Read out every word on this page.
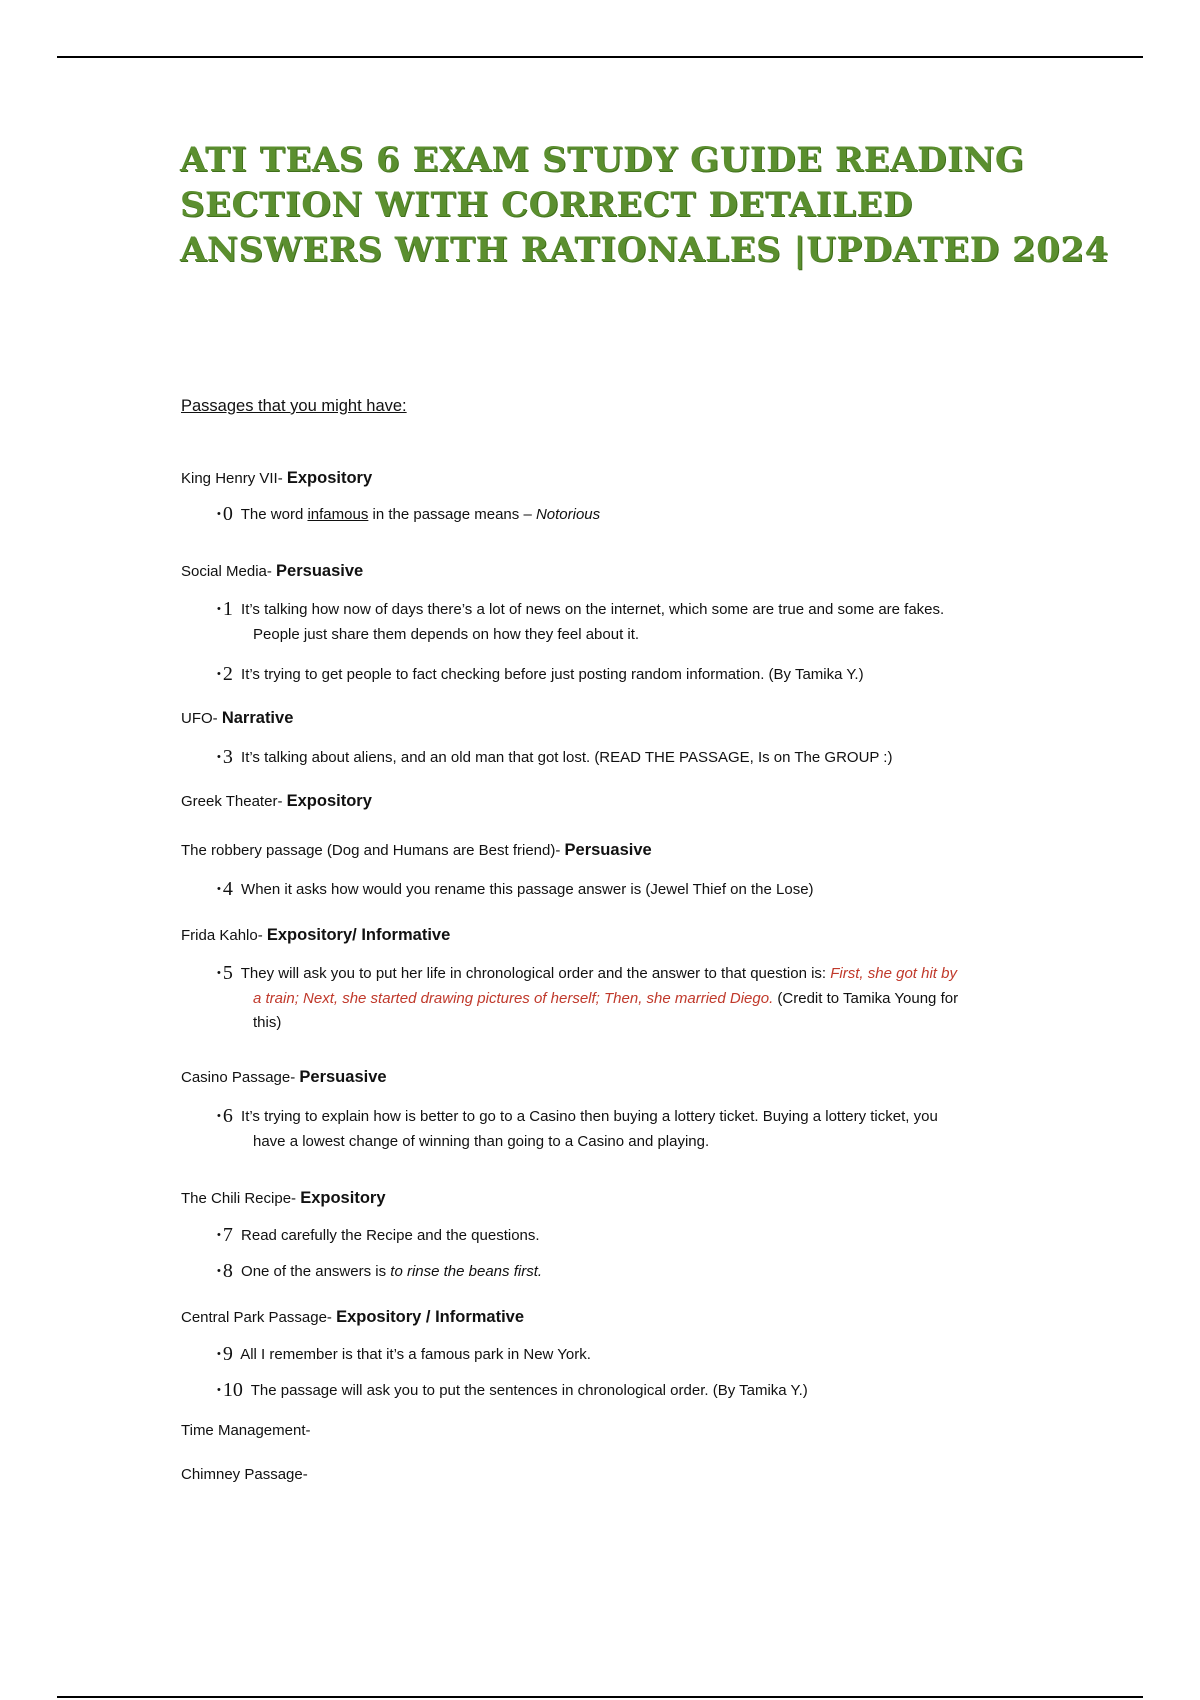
ATI TEAS 6 EXAM STUDY GUIDE READING SECTION WITH CORRECT DETAILED ANSWERS WITH RATIONALES |UPDATED 2024
Passages that you might have:
King Henry VII- Expository
• 0 The word infamous in the passage means – Notorious
Social Media- Persuasive
• 1 It’s talking how now of days there’s a lot of news on the internet, which some are true and some are fakes.
People just share them depends on how they feel about it.
• 2 It’s trying to get people to fact checking before just posting random information. (By Tamika Y.)
UFO- Narrative
• 3 It’s talking about aliens, and an old man that got lost. (READ THE PASSAGE, Is on The GROUP :)
Greek Theater- Expository
The robbery passage (Dog and Humans are Best friend)- Persuasive
• 4 When it asks how would you rename this passage answer is (Jewel Thief on the Lose)
Frida Kahlo- Expository/ Informative
• 5 They will ask you to put her life in chronological order and the answer to that question is: First, she got hit by
a train; Next, she started drawing pictures of herself; Then, she married Diego. (Credit to Tamika Young for
this)
Casino Passage- Persuasive
• 6 It’s trying to explain how is better to go to a Casino then buying a lottery ticket. Buying a lottery ticket, you
have a lowest change of winning than going to a Casino and playing.
The Chili Recipe- Expository
• 7 Read carefully the Recipe and the questions.
• 8 One of the answers is to rinse the beans first.
Central Park Passage- Expository / Informative
• 9 All I remember is that it’s a famous park in New York.
• 10 The passage will ask you to put the sentences in chronological order. (By Tamika Y.)
Time Management-
Chimney Passage-
